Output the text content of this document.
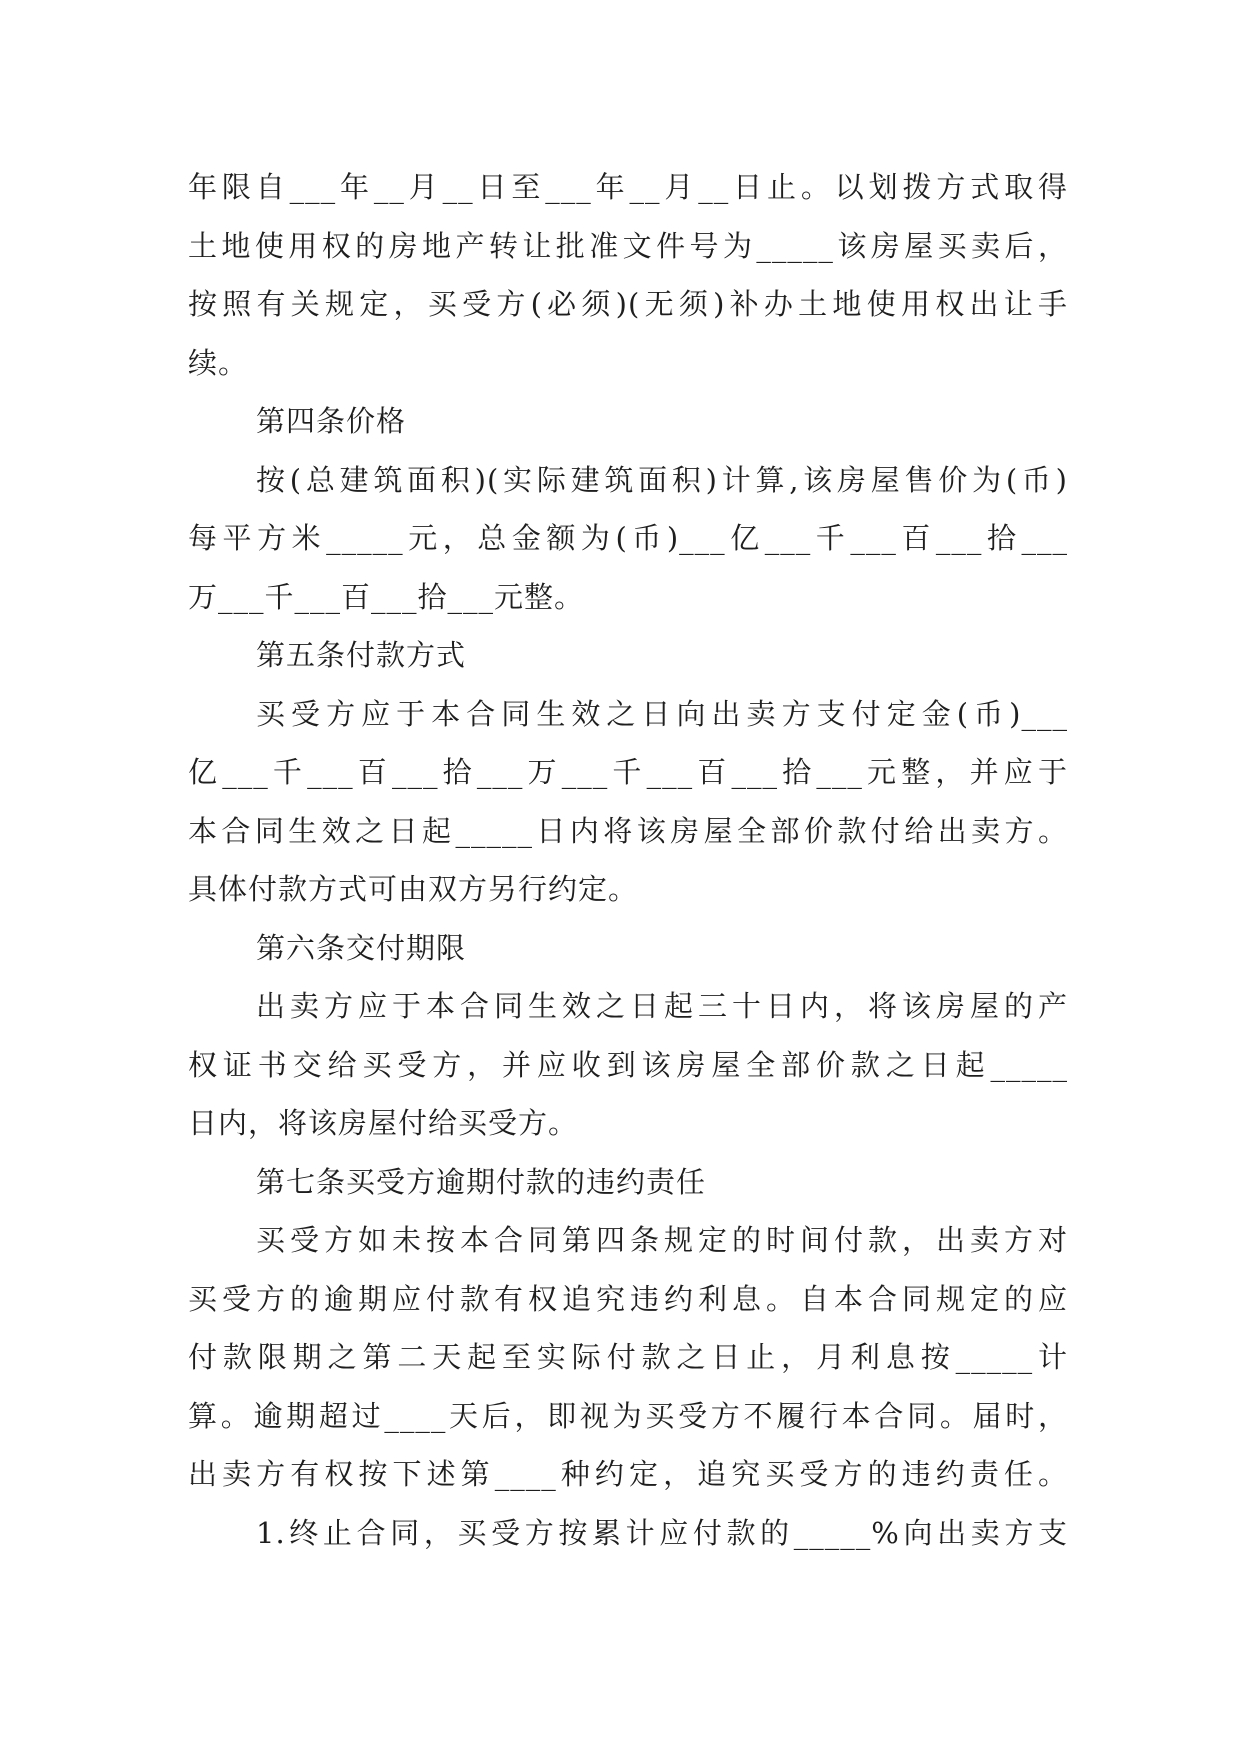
年限自___年__月__日至___年__月__日止。以划拨方式取得
土地使用权的房地产转让批准文件号为_____该房屋买卖后，
按照有关规定，买受方(必须)(无须)补办土地使用权出让手
续。
第四条价格
按(总建筑面积)(实际建筑面积)计算,该房屋售价为(币)
每平方米_____元，总金额为(币)___亿___千___百___拾___
万___千___百___拾___元整。
第五条付款方式
买受方应于本合同生效之日向出卖方支付定金(币)___
亿___千___百___拾___万___千___百___拾___元整，并应于
本合同生效之日起_____日内将该房屋全部价款付给出卖方。
具体付款方式可由双方另行约定。
第六条交付期限
出卖方应于本合同生效之日起三十日内，将该房屋的产
权证书交给买受方，并应收到该房屋全部价款之日起_____
日内，将该房屋付给买受方。
第七条买受方逾期付款的违约责任
买受方如未按本合同第四条规定的时间付款，出卖方对
买受方的逾期应付款有权追究违约利息。自本合同规定的应
付款限期之第二天起至实际付款之日止，月利息按_____计
算。逾期超过____天后，即视为买受方不履行本合同。届时，
出卖方有权按下述第____种约定，追究买受方的违约责任。
1.终止合同，买受方按累计应付款的_____%向出卖方支
